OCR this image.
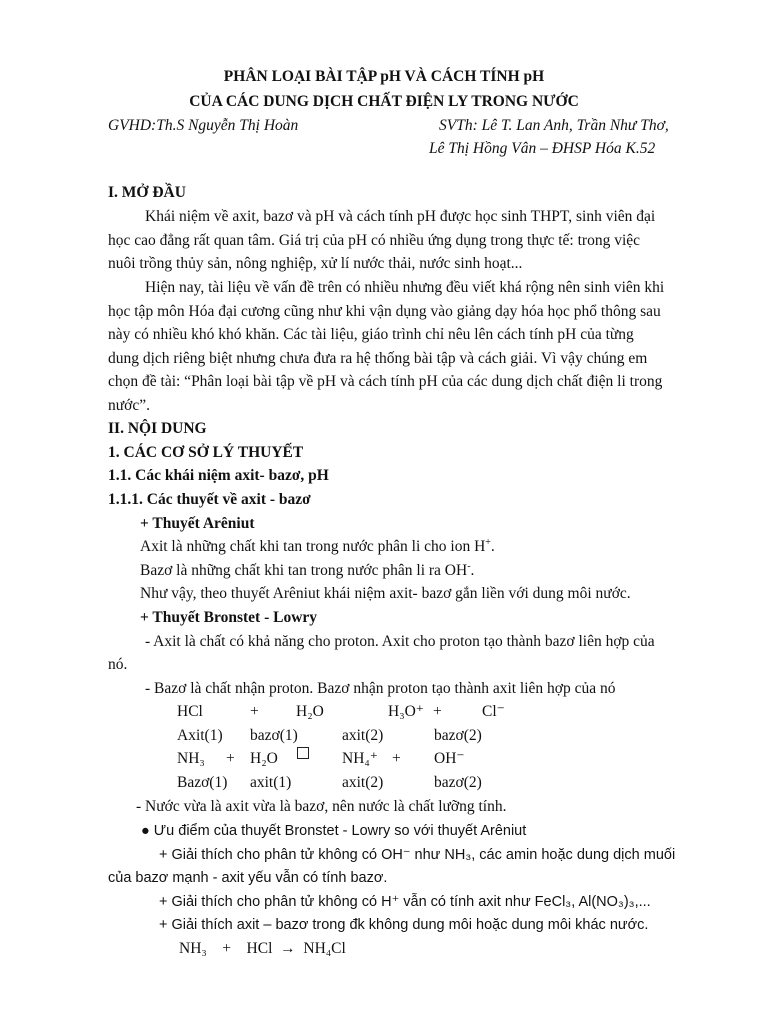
PHÂN LOẠI BÀI TẬP pH VÀ CÁCH TÍNH pH
CỦA CÁC DUNG DỊCH CHẤT ĐIỆN LY TRONG NƯỚC
GVHD:Th.S Nguyễn Thị Hoàn	SVTh: Lê T. Lan Anh, Trần Như Thơ,
Lê Thị Hồng Vân – ĐHSP Hóa K.52
I. MỞ ĐẦU
Khái niệm về axit, bazơ và pH và cách tính pH được học sinh THPT, sinh viên đại
học cao đẳng rất quan tâm. Giá trị của pH có nhiều ứng dụng trong thực tế: trong việc
nuôi trồng thủy sản, nông nghiệp, xử lí nước thải, nước sinh hoạt...
Hiện nay, tài liệu về vấn đề trên có nhiều nhưng đều viết khá rộng nên sinh viên khi
học tập môn Hóa đại cương cũng như khi vận dụng vào giảng dạy hóa học phổ thông sau
này có nhiều khó khó khăn. Các tài liệu, giáo trình chỉ nêu lên cách tính pH của từng
dung dịch riêng biệt nhưng chưa đưa ra hệ thống bài tập và cách giải. Vì vậy chúng em
chọn đề tài: “Phân loại bài tập về pH và cách tính pH của các dung dịch chất điện li trong
nước”.
II. NỘI DUNG
1. CÁC CƠ SỞ LÝ THUYẾT
1.1. Các khái niệm axit- bazơ, pH
1.1.1. Các thuyết về axit - bazơ
+ Thuyết Arêniut
Axit là những chất khi tan trong nước phân li cho ion H+.
Bazơ là những chất khi tan trong nước phân li ra OH-.
Như vậy, theo thuyết Arêniut khái niệm axit- bazơ gắn liền với dung môi nước.
+ Thuyết Bronstet - Lowry
- Axit là chất có khả năng cho proton. Axit cho proton tạo thành bazơ liên hợp của
nó.
- Bazơ là chất nhận proton. Bazơ nhận proton tạo thành axit liên hợp của nó
HCl	+ H₂O	H₃O⁺ +	Cl⁻
Axit(1) bazơ(1)	axit(2)	bazơ(2)
NH₃ + H₂O	NH₄⁺ + OH⁻
Bazơ(1) axit(1)	axit(2)	bazơ(2)
- Nước vừa là axit vừa là bazơ, nên nước là chất lưỡng tính.
● Ưu điểm của thuyết Bronstet - Lowry so với thuyết Arêniut
+ Giải thích cho phân tử không có OH⁻ như NH₃, các amin hoặc dung dịch muối
của bazơ mạnh - axit yếu vẫn có tính bazơ.
+ Giải thích cho phân tử không có H⁺ vẫn có tính axit như FeCl₃, Al(NO₃)₃,...
+ Giải thích axit – bazơ trong đk không dung môi hoặc dung môi khác nước.
NH₃    +    HCl  →  NH₄Cl
